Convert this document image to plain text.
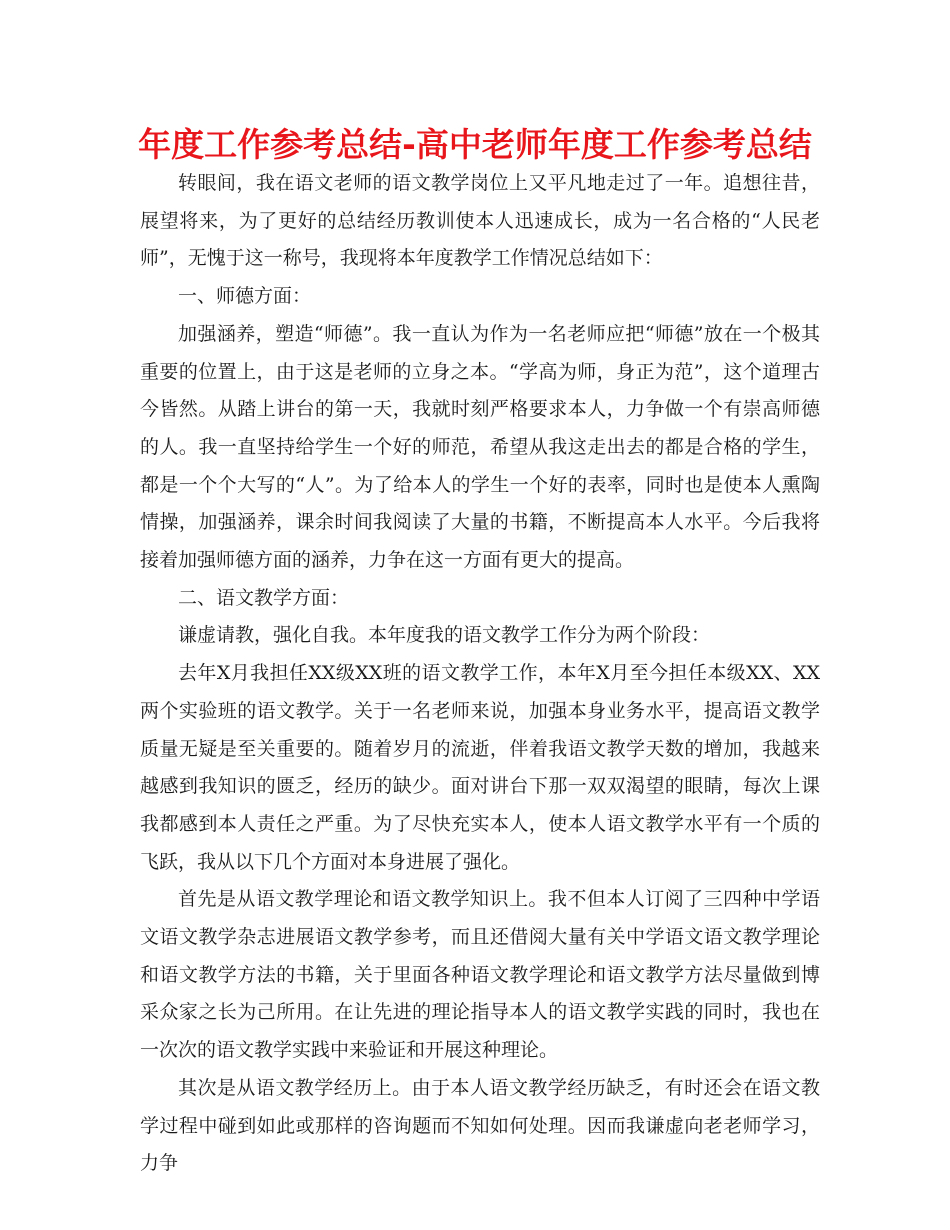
年度工作参考总结-高中老师年度工作参考总结

转眼间，我在语文老师的语文教学岗位上又平凡地走过了一年。追想往昔，展望将来，为了更好的总结经历教训使本人迅速成长，成为一名合格的“人民老师”，无愧于这一称号，我现将本年度教学工作情况总结如下：

一、师德方面：

加强涵养，塑造“师德”。我一直认为作为一名老师应把“师德”放在一个极其重要的位置上，由于这是老师的立身之本。“学高为师，身正为范”，这个道理古今皆然。从踏上讲台的第一天，我就时刻严格要求本人，力争做一个有崇高师德的人。我一直坚持给学生一个好的师范，希望从我这走出去的都是合格的学生，都是一个个大写的“人”。为了给本人的学生一个好的表率，同时也是使本人熏陶情操，加强涵养，课余时间我阅读了大量的书籍，不断提高本人水平。今后我将接着加强师德方面的涵养，力争在这一方面有更大的提高。

二、语文教学方面：

谦虚请教，强化自我。本年度我的语文教学工作分为两个阶段：

去年X月我担任XX级XX班的语文教学工作，本年X月至今担任本级XX、XX两个实验班的语文教学。关于一名老师来说，加强本身业务水平，提高语文教学质量无疑是至关重要的。随着岁月的流逝，伴着我语文教学天数的增加，我越来越感到我知识的匮乏，经历的缺少。面对讲台下那一双双渴望的眼睛，每次上课我都感到本人责任之严重。为了尽快充实本人，使本人语文教学水平有一个质的飞跃，我从以下几个方面对本身进展了强化。

首先是从语文教学理论和语文教学知识上。我不但本人订阅了三四种中学语文语文教学杂志进展语文教学参考，而且还借阅大量有关中学语文语文教学理论和语文教学方法的书籍，关于里面各种语文教学理论和语文教学方法尽量做到博采众家之长为己所用。在让先进的理论指导本人的语文教学实践的同时，我也在一次次的语文教学实践中来验证和开展这种理论。

其次是从语文教学经历上。由于本人语文教学经历缺乏，有时还会在语文教学过程中碰到如此或那样的咨询题而不知如何处理。因而我谦虚向老老师学习，力争
